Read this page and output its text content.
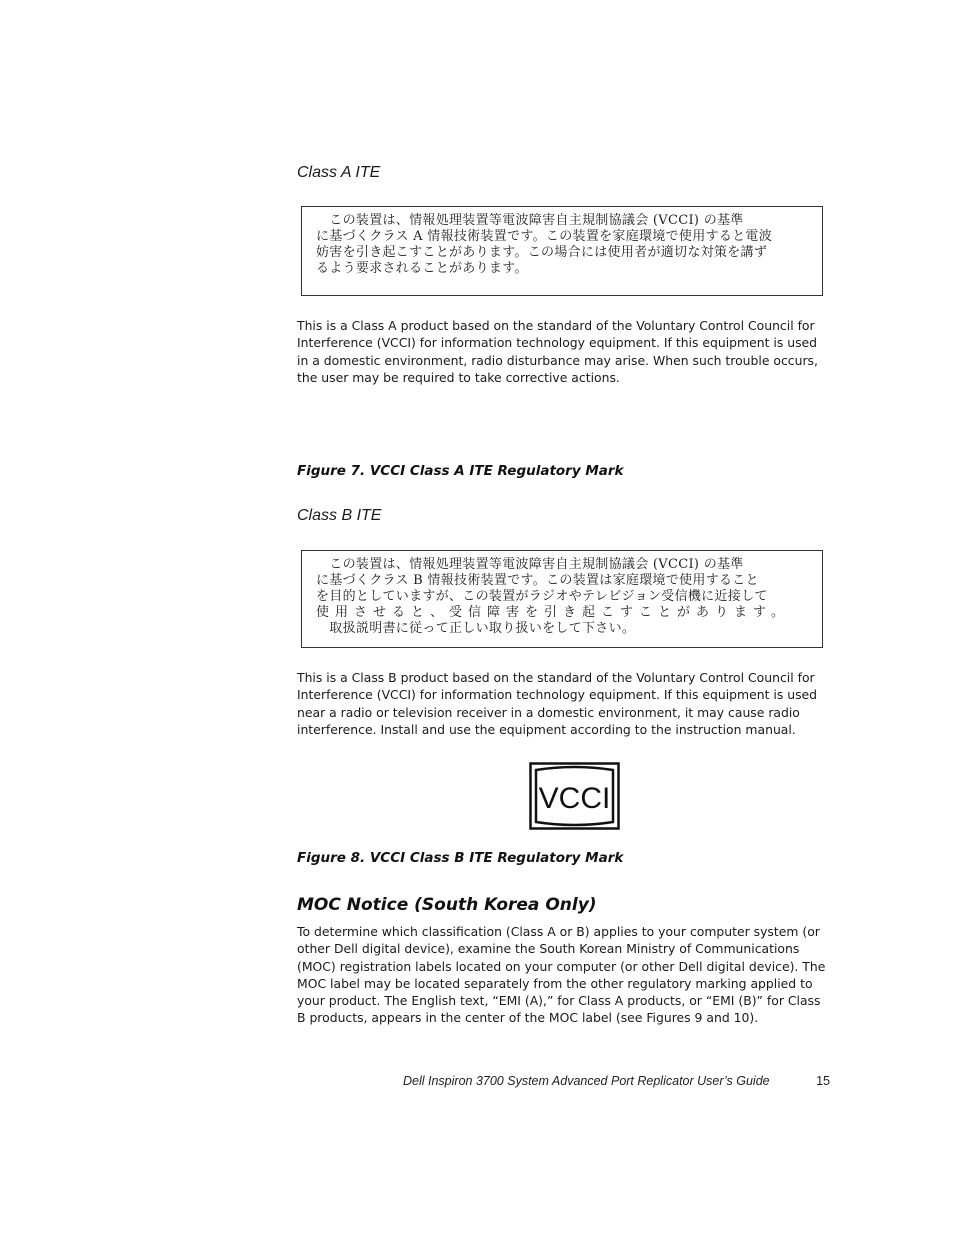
Class A ITE

　この装置は、情報処理装置等電波障害自主規制協議会 (VCCI) の基準
に基づくクラス A 情報技術装置です。この装置を家庭環境で使用すると電波
妨害を引き起こすことがあります。この場合には使用者が適切な対策を講ず
るよう要求されることがあります。

This is a Class A product based on the standard of the Voluntary Control Council for Interference (VCCI) for information technology equipment. If this equipment is used in a domestic environment, radio disturbance may arise. When such trouble occurs, the user may be required to take corrective actions.

Figure 7. VCCI Class A ITE Regulatory Mark

Class B ITE

　この装置は、情報処理装置等電波障害自主規制協議会 (VCCI) の基準
に基づくクラス B 情報技術装置です。この装置は家庭環境で使用すること
を目的としていますが、この装置がラジオやテレビジョン受信機に近接して
使用させると、受信障害を引き起こすことがあります。
　取扱説明書に従って正しい取り扱いをして下さい。

This is a Class B product based on the standard of the Voluntary Control Council for Interference (VCCI) for information technology equipment. If this equipment is used near a radio or television receiver in a domestic environment, it may cause radio interference. Install and use the equipment according to the instruction manual.

VCCI

Figure 8. VCCI Class B ITE Regulatory Mark

MOC Notice (South Korea Only)

To determine which classification (Class A or B) applies to your computer system (or other Dell digital device), examine the South Korean Ministry of Communications (MOC) registration labels located on your computer (or other Dell digital device). The MOC label may be located separately from the other regulatory marking applied to your product. The English text, “EMI (A),” for Class A products, or “EMI (B)” for Class B products, appears in the center of the MOC label (see Figures 9 and 10).

Dell Inspiron 3700 System Advanced Port Replicator User’s Guide	15
